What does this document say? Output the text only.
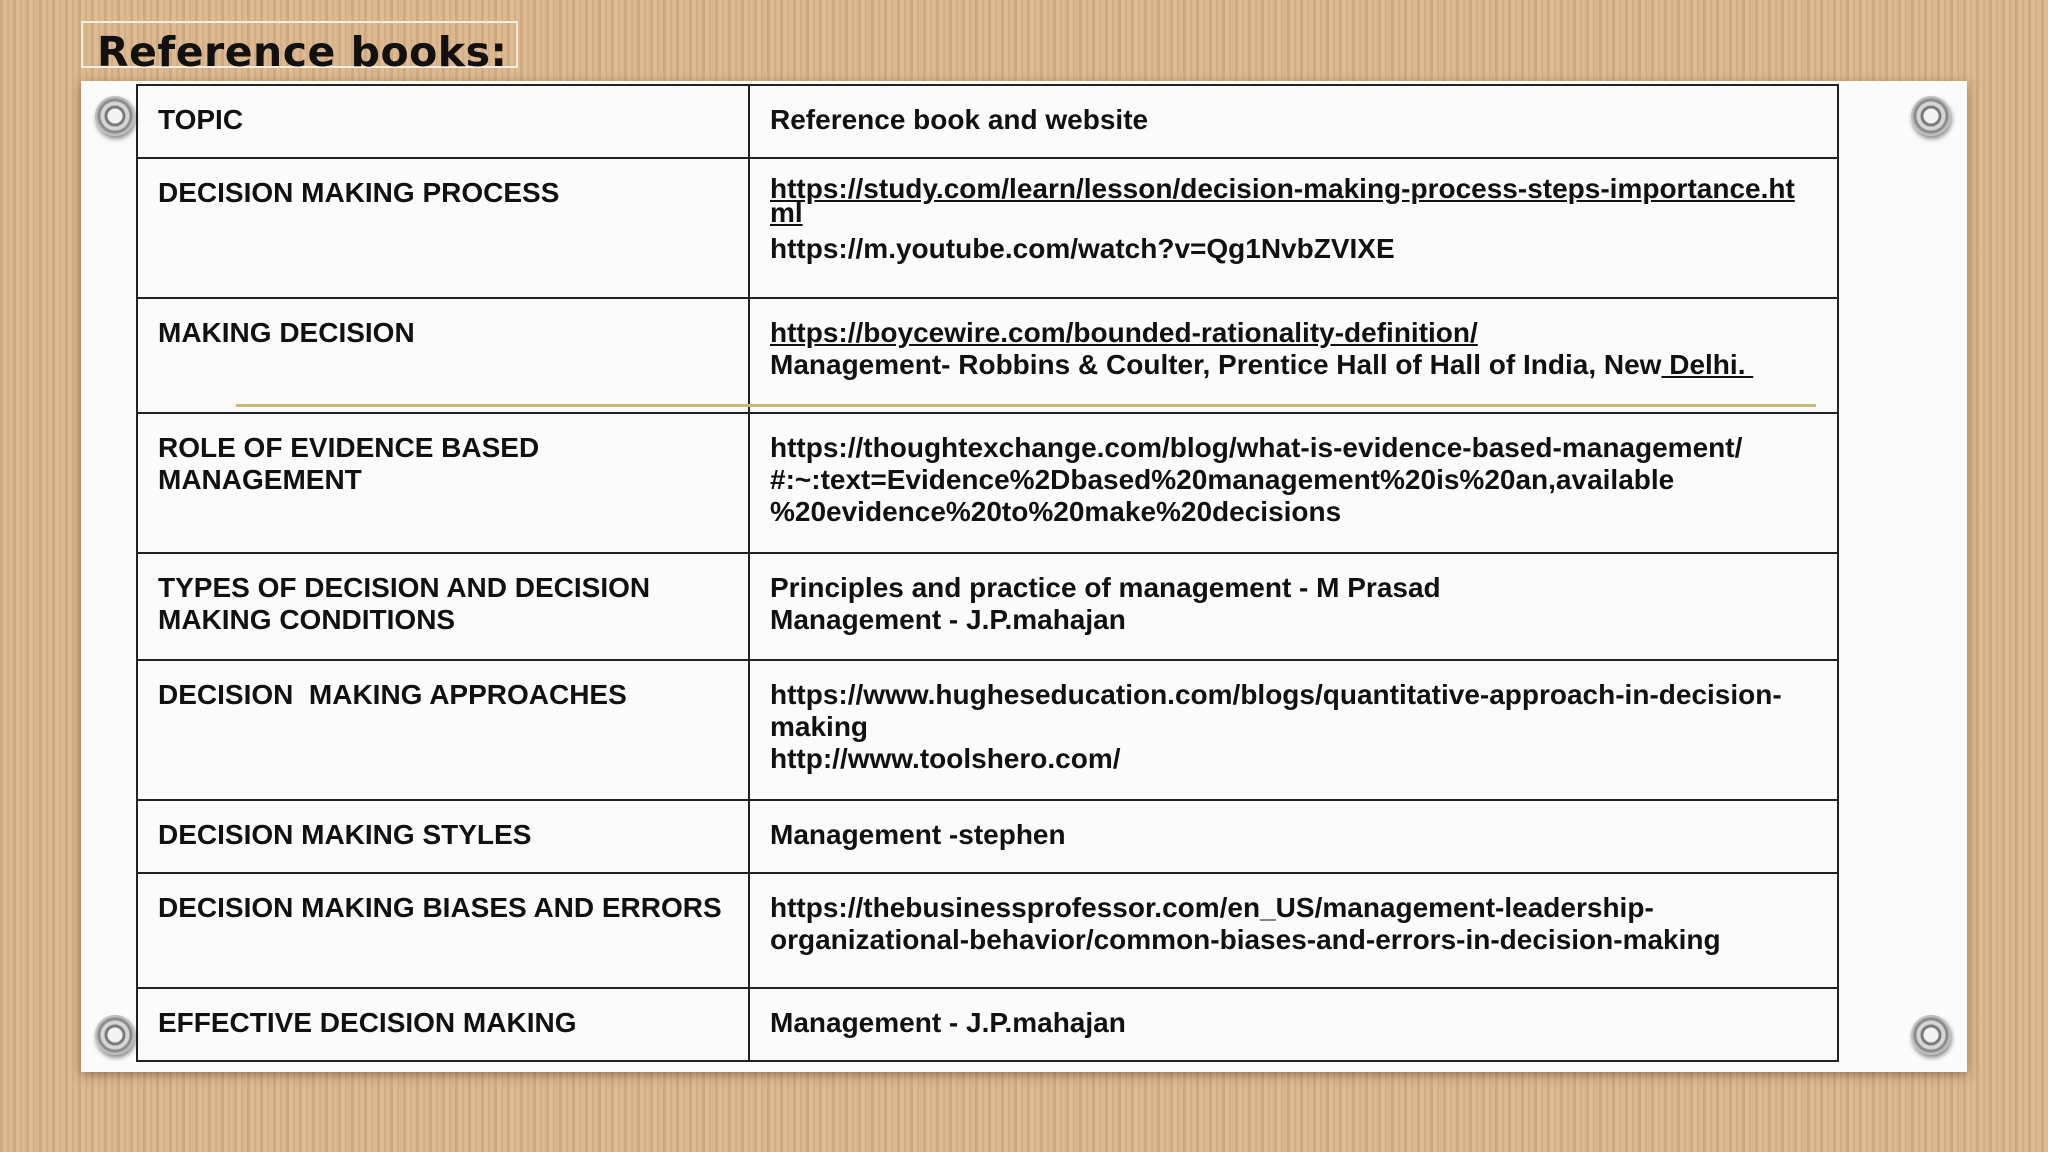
Reference books:
TOPIC	Reference book and website
DECISION MAKING PROCESS	https://study.com/learn/lesson/decision-making-process-steps-importance.ht
ml
https://m.youtube.com/watch?v=Qg1NvbZVIXE

MAKING DECISION	https://boycewire.com/bounded-rationality-definition/
Management- Robbins & Coulter, Prentice Hall of Hall of India, New Delhi.

ROLE OF EVIDENCE BASED MANAGEMENT	https://thoughtexchange.com/blog/what-is-evidence-based-management/
#:~:text=Evidence%2Dbased%20management%20is%20an,available
%20evidence%20to%20make%20decisions

TYPES OF DECISION AND DECISION MAKING CONDITIONS	Principles and practice of management - M Prasad
Management - J.P.mahajan

DECISION  MAKING APPROACHES	https://www.hugheseducation.com/blogs/quantitative-approach-in-decision-
making
http://www.toolshero.com/

DECISION MAKING STYLES	Management -stephen

DECISION MAKING BIASES AND ERRORS	https://thebusinessprofessor.com/en_US/management-leadership-
organizational-behavior/common-biases-and-errors-in-decision-making

EFFECTIVE DECISION MAKING	Management - J.P.mahajan
